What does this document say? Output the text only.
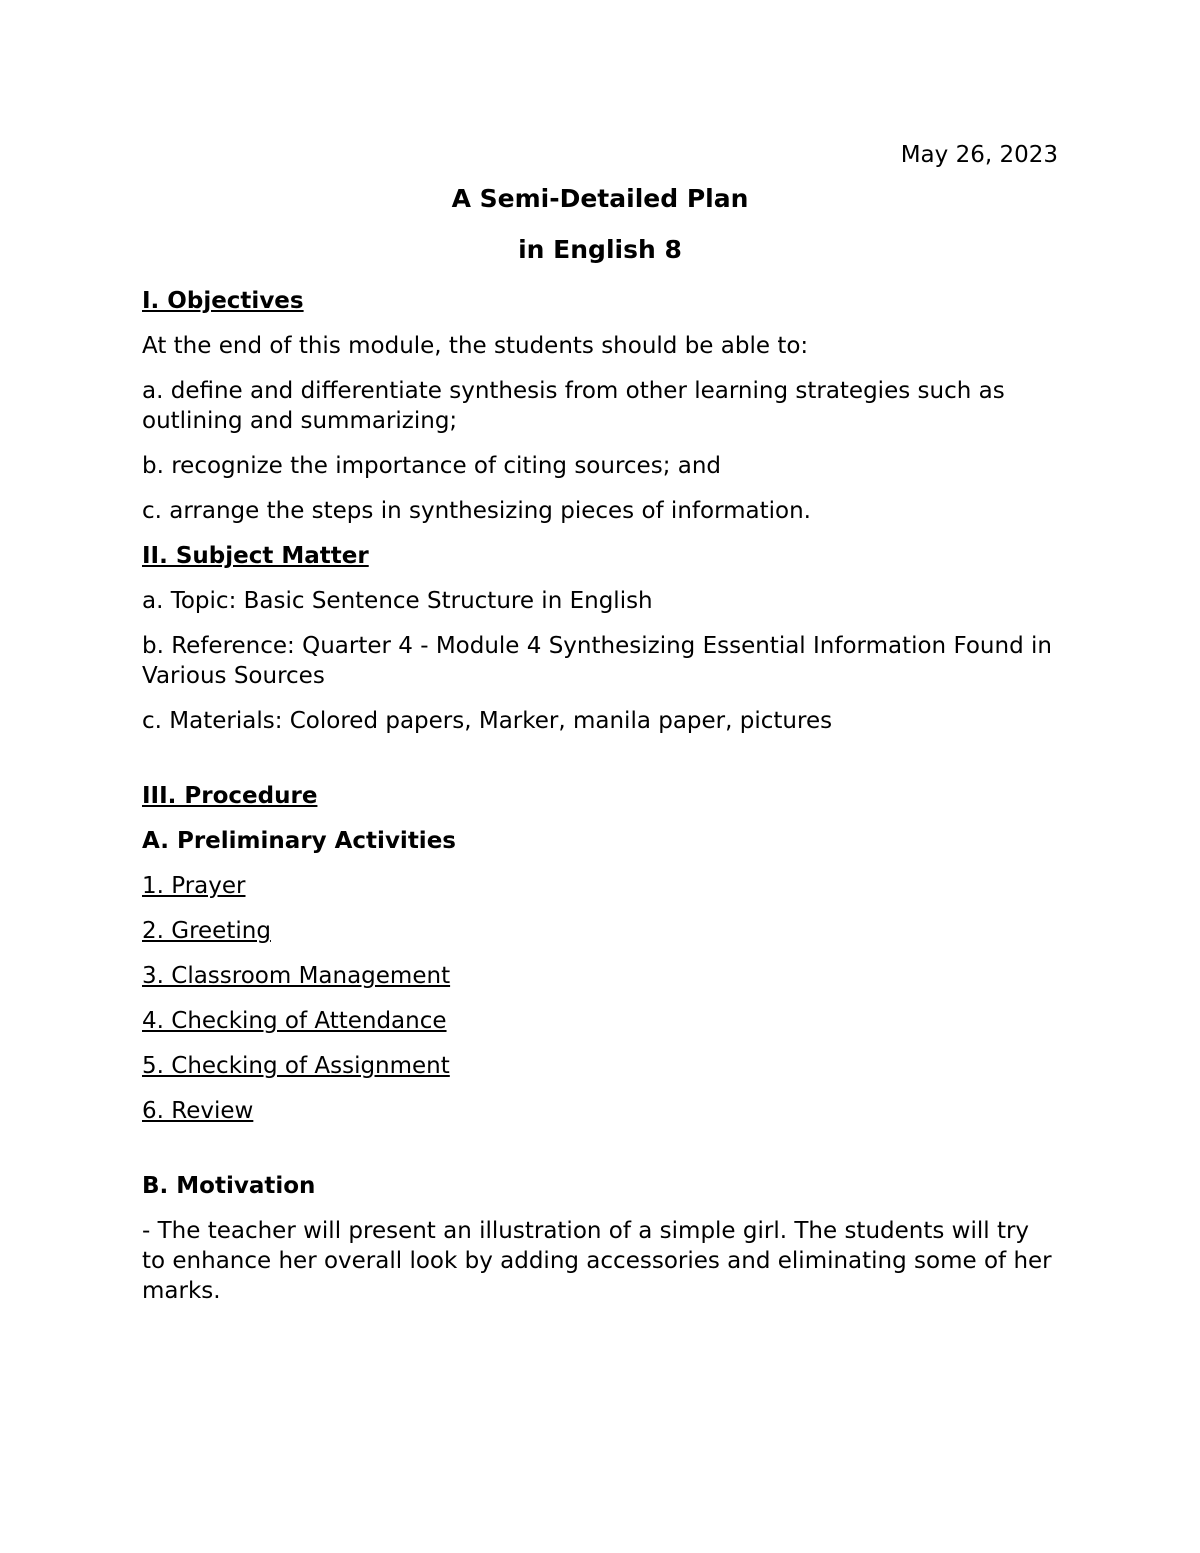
May 26, 2023

A Semi-Detailed Plan

in English 8

I. Objectives

At the end of this module, the students should be able to:

a. define and differentiate synthesis from other learning strategies such as outlining and summarizing;

b. recognize the importance of citing sources; and

c. arrange the steps in synthesizing pieces of information.

II. Subject Matter

a. Topic: Basic Sentence Structure in English

b. Reference: Quarter 4 - Module 4 Synthesizing Essential Information Found in Various Sources

c. Materials: Colored papers, Marker, manila paper, pictures

III. Procedure

A. Preliminary Activities

1. Prayer

2. Greeting

3. Classroom Management

4. Checking of Attendance

5. Checking of Assignment

6. Review

B. Motivation

- The teacher will present an illustration of a simple girl. The students will try to enhance her overall look by adding accessories and eliminating some of her marks.
